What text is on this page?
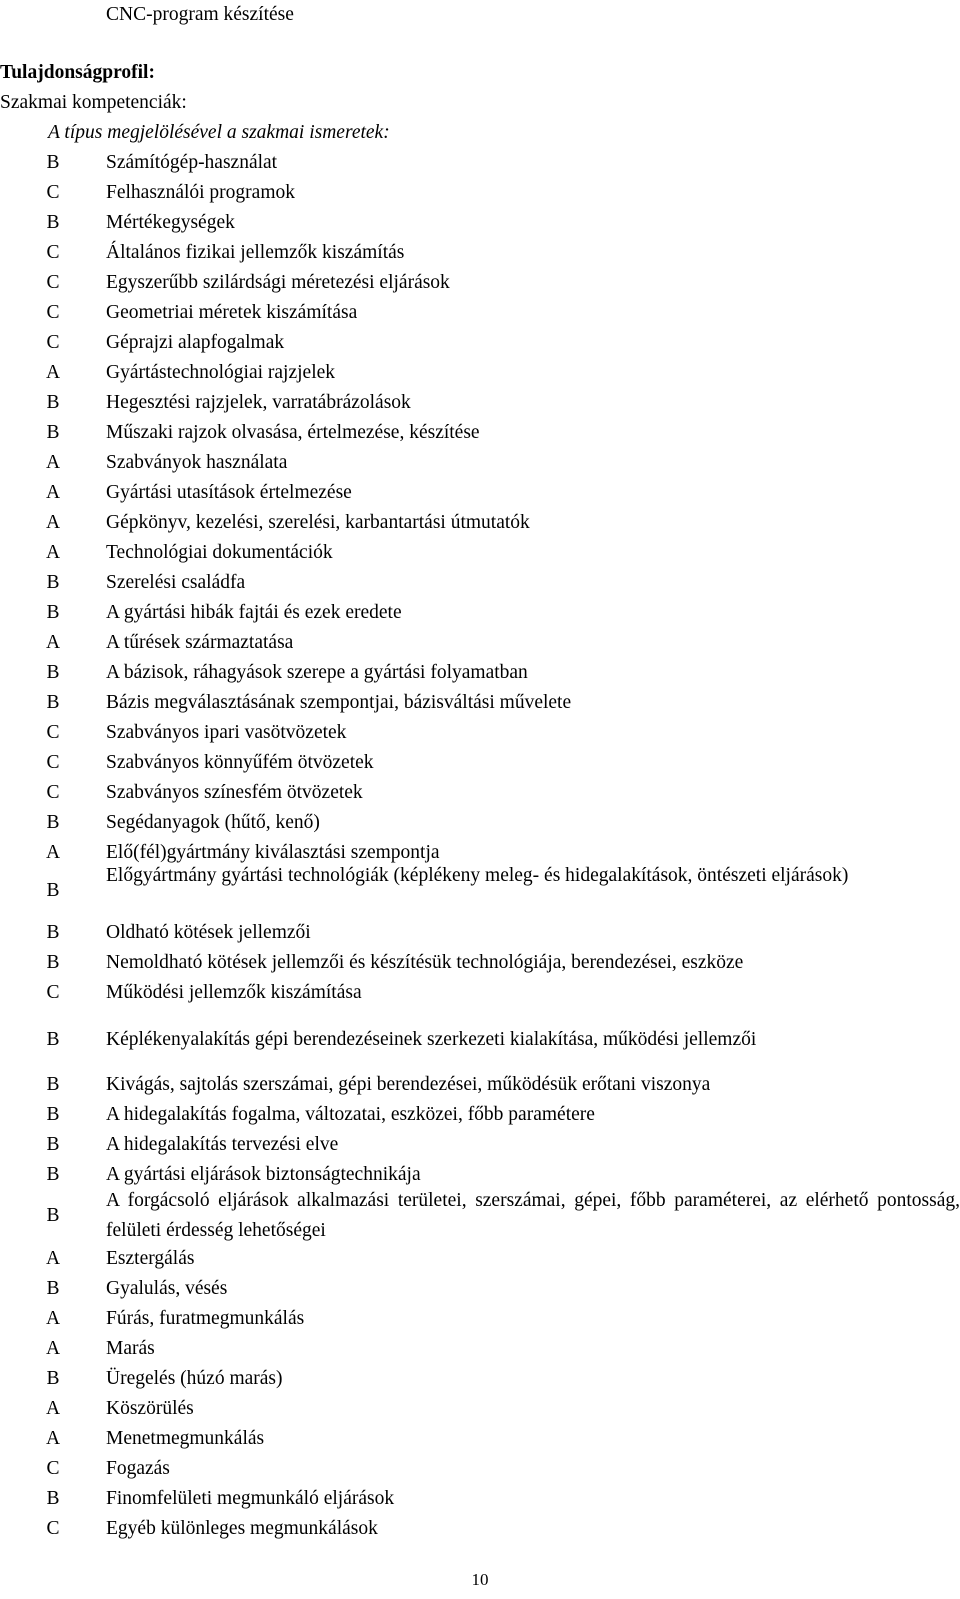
CNC-program készítése
Tulajdonságprofil:
Szakmai kompetenciák:
A típus megjelölésével a szakmai ismeretek:
B Számítógép-használat
C Felhasználói programok
B Mértékegységek
C Általános fizikai jellemzők kiszámítás
C Egyszerűbb szilárdsági méretezési eljárások
C Geometriai méretek kiszámítása
C Géprajzi alapfogalmak
A Gyártástechnológiai rajzjelek
B Hegesztési rajzjelek, varratábrázolások
B Műszaki rajzok olvasása, értelmezése, készítése
A Szabványok használata
A Gyártási utasítások értelmezése
A Gépkönyv, kezelési, szerelési, karbantartási útmutatók
A Technológiai dokumentációk
B Szerelési családfa
B A gyártási hibák fajtái és ezek eredete
A A tűrések származtatása
B A bázisok, ráhagyások szerepe a gyártási folyamatban
B Bázis megválasztásának szempontjai, bázisváltási művelete
C Szabványos ipari vasötvözetek
C Szabványos könnyűfém ötvözetek
C Szabványos színesfém ötvözetek
B Segédanyagok (hűtő, kenő)
A Elő(fél)gyártmány kiválasztási szempontja
B
Előgyártmány gyártási technológiák (képlékeny meleg- és hidegalakítások, öntészeti eljárások)
B Oldható kötések jellemzői
B Nemoldható kötések jellemzői és készítésük technológiája, berendezései, eszköze
C Működési jellemzők kiszámítása
B Képlékenyalakítás gépi berendezéseinek szerkezeti kialakítása, működési jellemzői
B Kivágás, sajtolás szerszámai, gépi berendezései, működésük erőtani viszonya
B A hidegalakítás fogalma, változatai, eszközei, főbb paramétere
B A hidegalakítás tervezési elve
B A gyártási eljárások biztonságtechnikája
B
A forgácsoló eljárások alkalmazási területei, szerszámai, gépei, főbb paraméterei, az elérhető pontosság, felületi érdesség lehetőségei
A Esztergálás
B Gyalulás, vésés
A Fúrás, furatmegmunkálás
A Marás
B Üregelés (húzó marás)
A Köszörülés
A Menetmegmunkálás
C Fogazás
B Finomfelületi megmunkáló eljárások
C Egyéb különleges megmunkálások
10
